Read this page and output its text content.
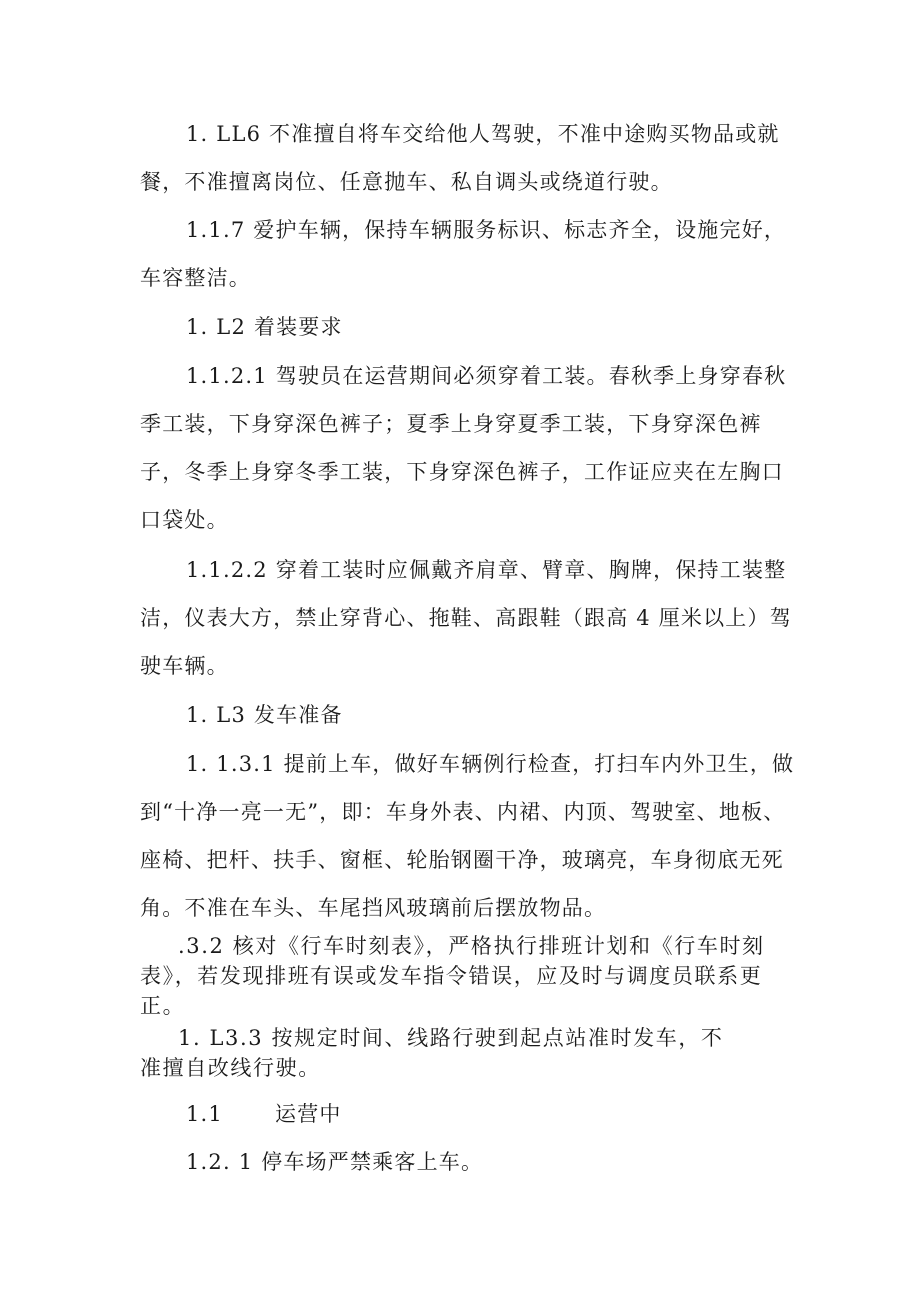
1. LL6 不准擅自将车交给他人驾驶，不准中途购买物品或就餐，不准擅离岗位、任意抛车、私自调头或绕道行驶。

1.1.7 爱护车辆，保持车辆服务标识、标志齐全，设施完好，车容整洁。

1. L2 着装要求

1.1.2.1 驾驶员在运营期间必须穿着工装。春秋季上身穿春秋季工装，下身穿深色裤子；夏季上身穿夏季工装，下身穿深色裤子，冬季上身穿冬季工装，下身穿深色裤子，工作证应夹在左胸口口袋处。

1.1.2.2 穿着工装时应佩戴齐肩章、臂章、胸牌，保持工装整洁，仪表大方，禁止穿背心、拖鞋、高跟鞋（跟高 4 厘米以上）驾驶车辆。

1. L3 发车准备

1. 1.3.1 提前上车，做好车辆例行检查，打扫车内外卫生，做到“十净一亮一无”，即：车身外表、内裙、内顶、驾驶室、地板、座椅、把杆、扶手、窗框、轮胎钢圈干净，玻璃亮，车身彻底无死角。不准在车头、车尾挡风玻璃前后摆放物品。

.3.2 核对《行车时刻表》，严格执行排班计划和《行车时刻表》，若发现排班有误或发车指令错误，应及时与调度员联系更正。

1. L3.3 按规定时间、线路行驶到起点站准时发车，不准擅自改线行驶。

1.1 运营中

1.2. 1 停车场严禁乘客上车。
